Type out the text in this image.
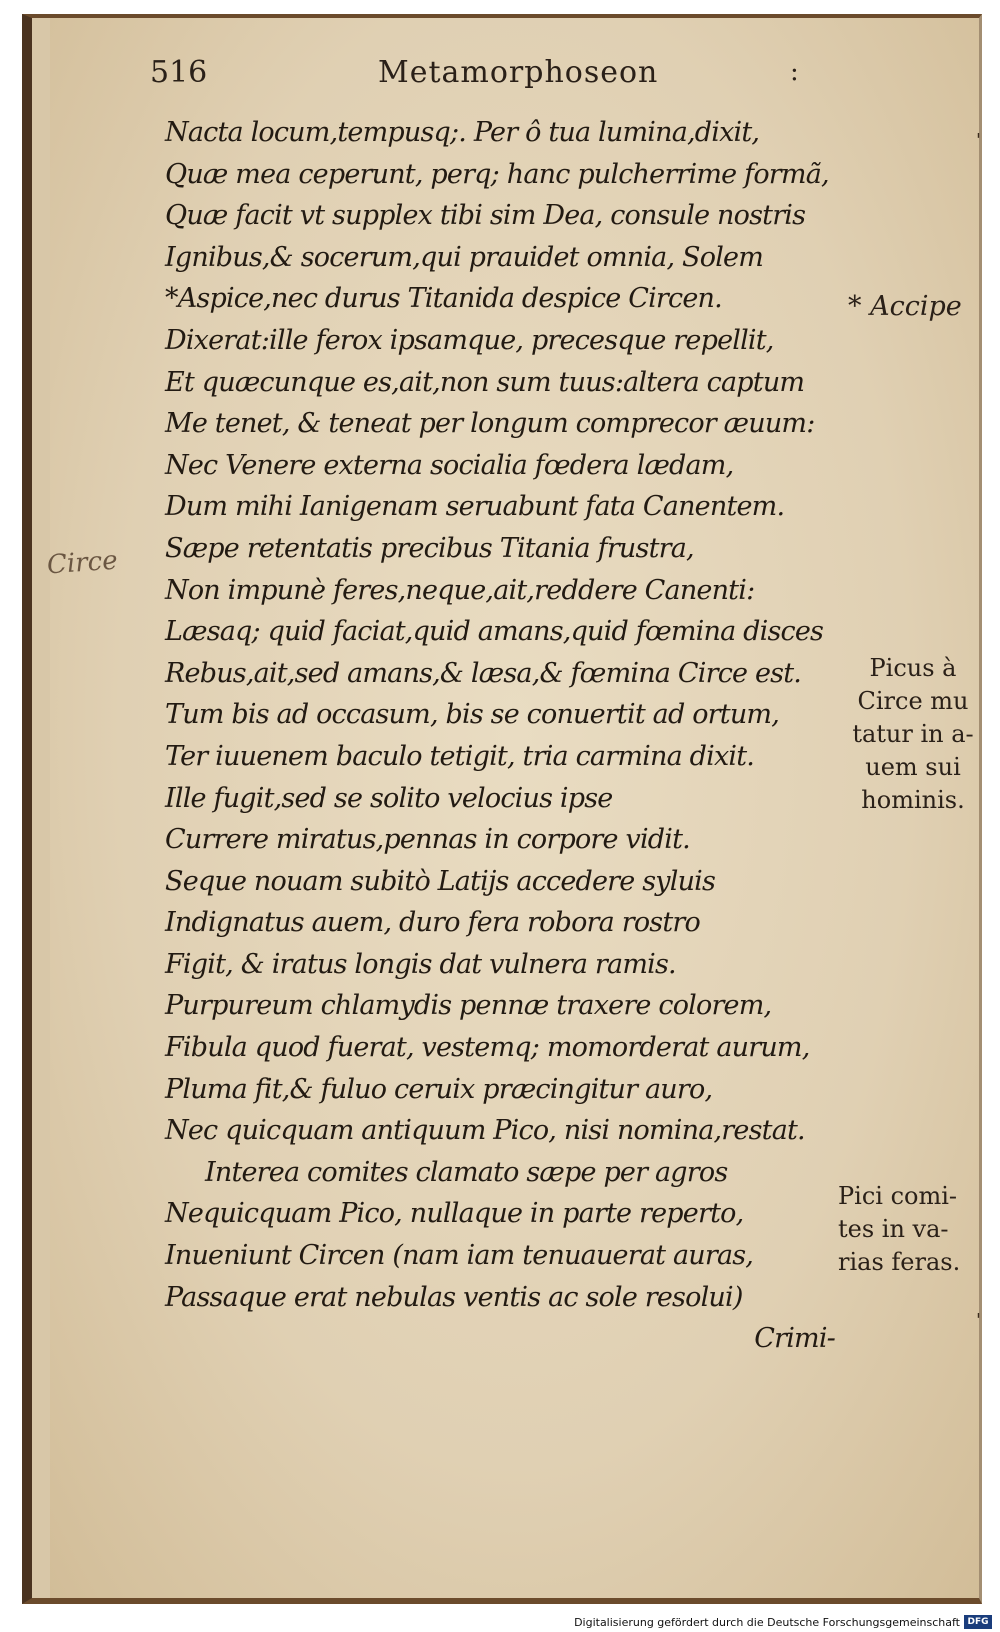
516	Metamorphoseon	:
Circe
Nacta locum,tempusq;. Per ô tua lumina,dixit,
Quæ mea ceperunt, perq; hanc pulcherrime formã,
Quæ facit vt supplex tibi sim Dea, consule nostris
Ignibus,& socerum,qui prauidet omnia, Solem
*Aspice,nec durus Titanida despice Circen.
Dixerat:ille ferox ipsamque, precesque repellit,
Et quæcunque es,ait,non sum tuus:altera captum
Me tenet, & teneat per longum comprecor æuum:
Nec Venere externa socialia fœdera lædam,
Dum mihi Ianigenam seruabunt fata Canentem.
Sæpe retentatis precibus Titania frustra,
Non impunè feres,neque,ait,reddere Canenti:
Læsaq; quid faciat,quid amans,quid fœmina disces
Rebus,ait,sed amans,& læsa,& fœmina Circe est.
Tum bis ad occasum, bis se conuertit ad ortum,
Ter iuuenem baculo tetigit, tria carmina dixit.
Ille fugit,sed se solito velocius ipse
Currere miratus,pennas in corpore vidit.
Seque nouam subitò Latijs accedere syluis
Indignatus auem, duro fera robora rostro
Figit, & iratus longis dat vulnera ramis.
Purpureum chlamydis pennæ traxere colorem,
Fibula quod fuerat, vestemq; momorderat aurum,
Pluma fit,& fuluo ceruix præcingitur auro,
Nec quicquam antiquum Pico, nisi nomina,restat.
Interea comites clamato sæpe per agros
Nequicquam Pico, nullaque in parte reperto,
Inueniunt Circen (nam iam tenuauerat auras,
Passaque erat nebulas ventis ac sole resolui)
Crimi-
* Accipe
Picus à
Circe mu
tatur in a-
uem sui
hominis.
Pici comi-
tes in va-
rias feras.
'
'
Digitalisierung gefördert durch die Deutsche Forschungsgemeinschaft DFG
